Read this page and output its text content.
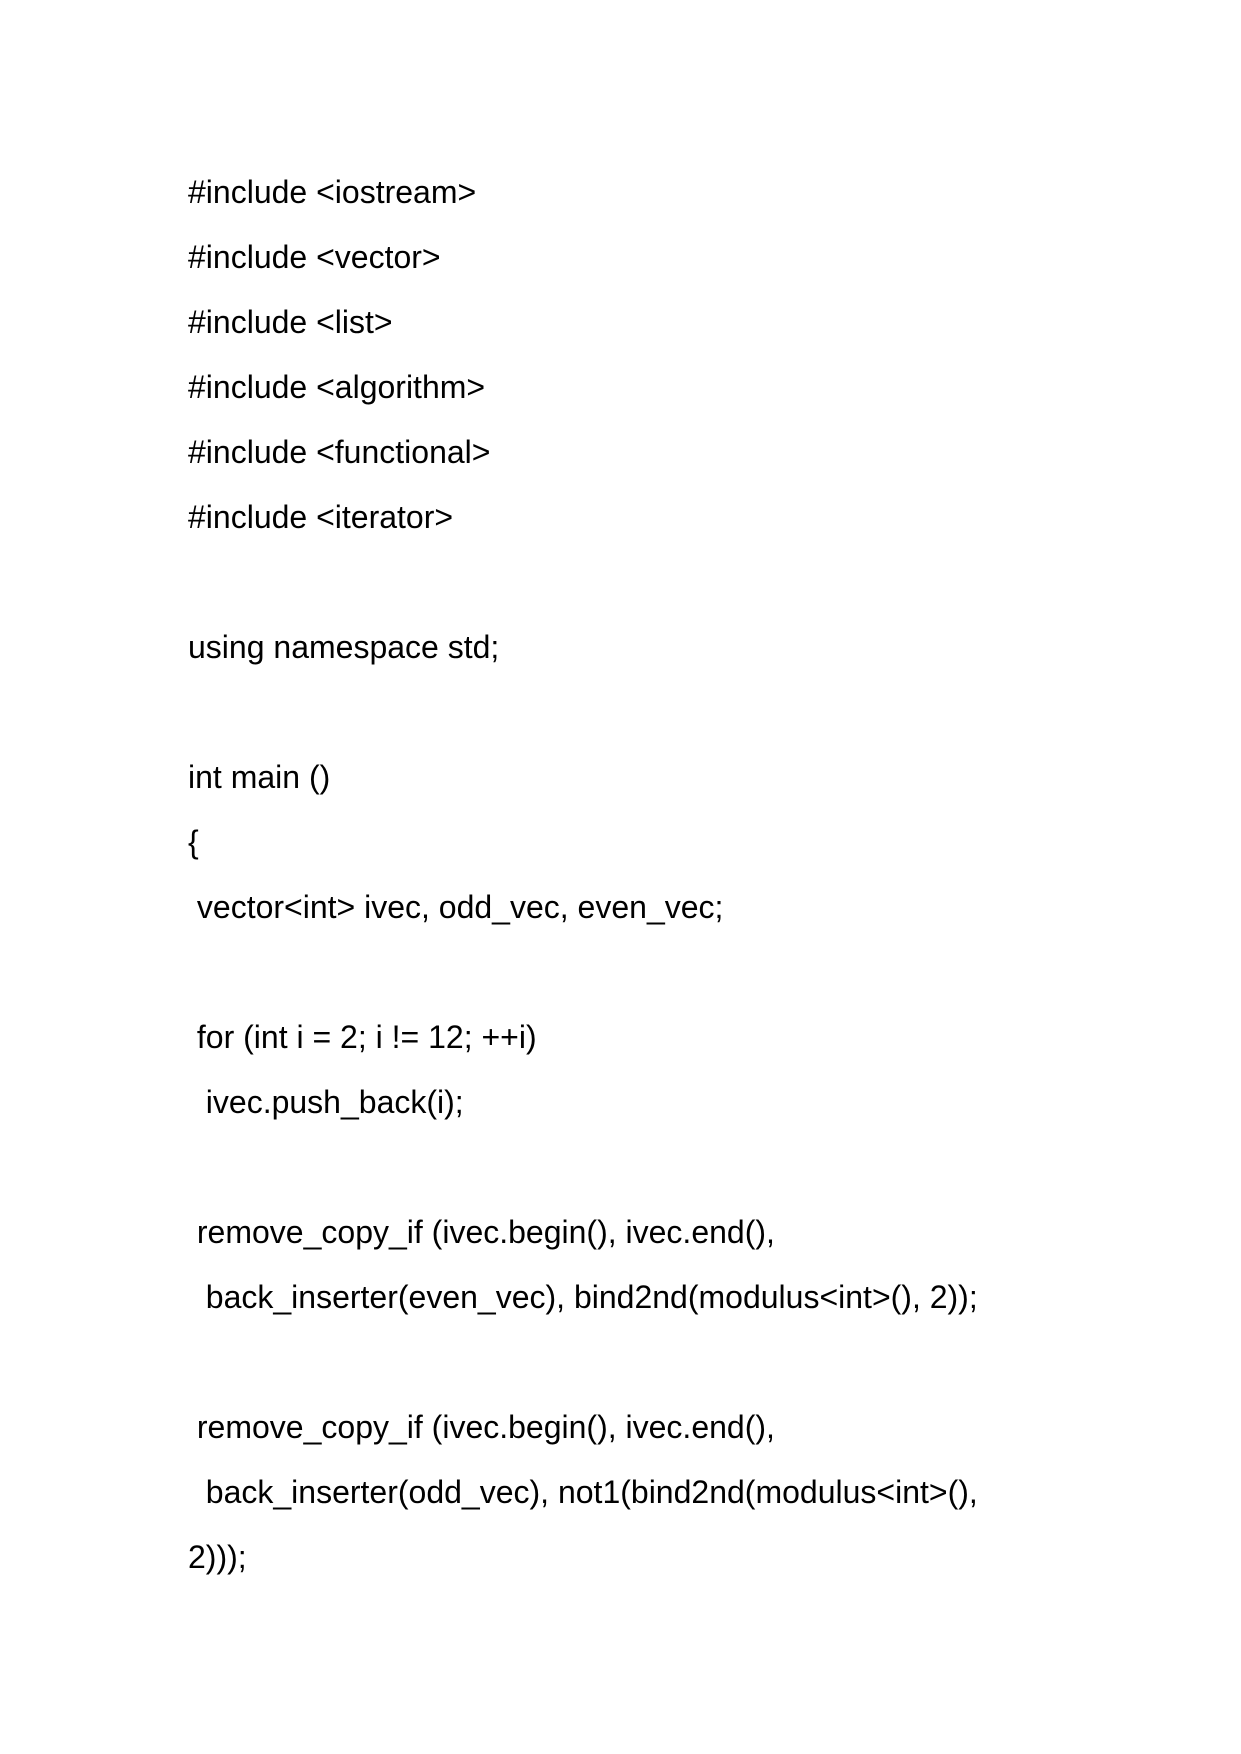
#include <iostream>
#include <vector>
#include <list>
#include <algorithm>
#include <functional>
#include <iterator>
using namespace std;
int main ()
{
vector<int> ivec, odd_vec, even_vec;
for (int i = 2; i != 12; ++i)
ivec.push_back(i);
remove_copy_if (ivec.begin(), ivec.end(),
back_inserter(even_vec), bind2nd(modulus<int>(), 2));
remove_copy_if (ivec.begin(), ivec.end(),
back_inserter(odd_vec), not1(bind2nd(modulus<int>(),
2)));
